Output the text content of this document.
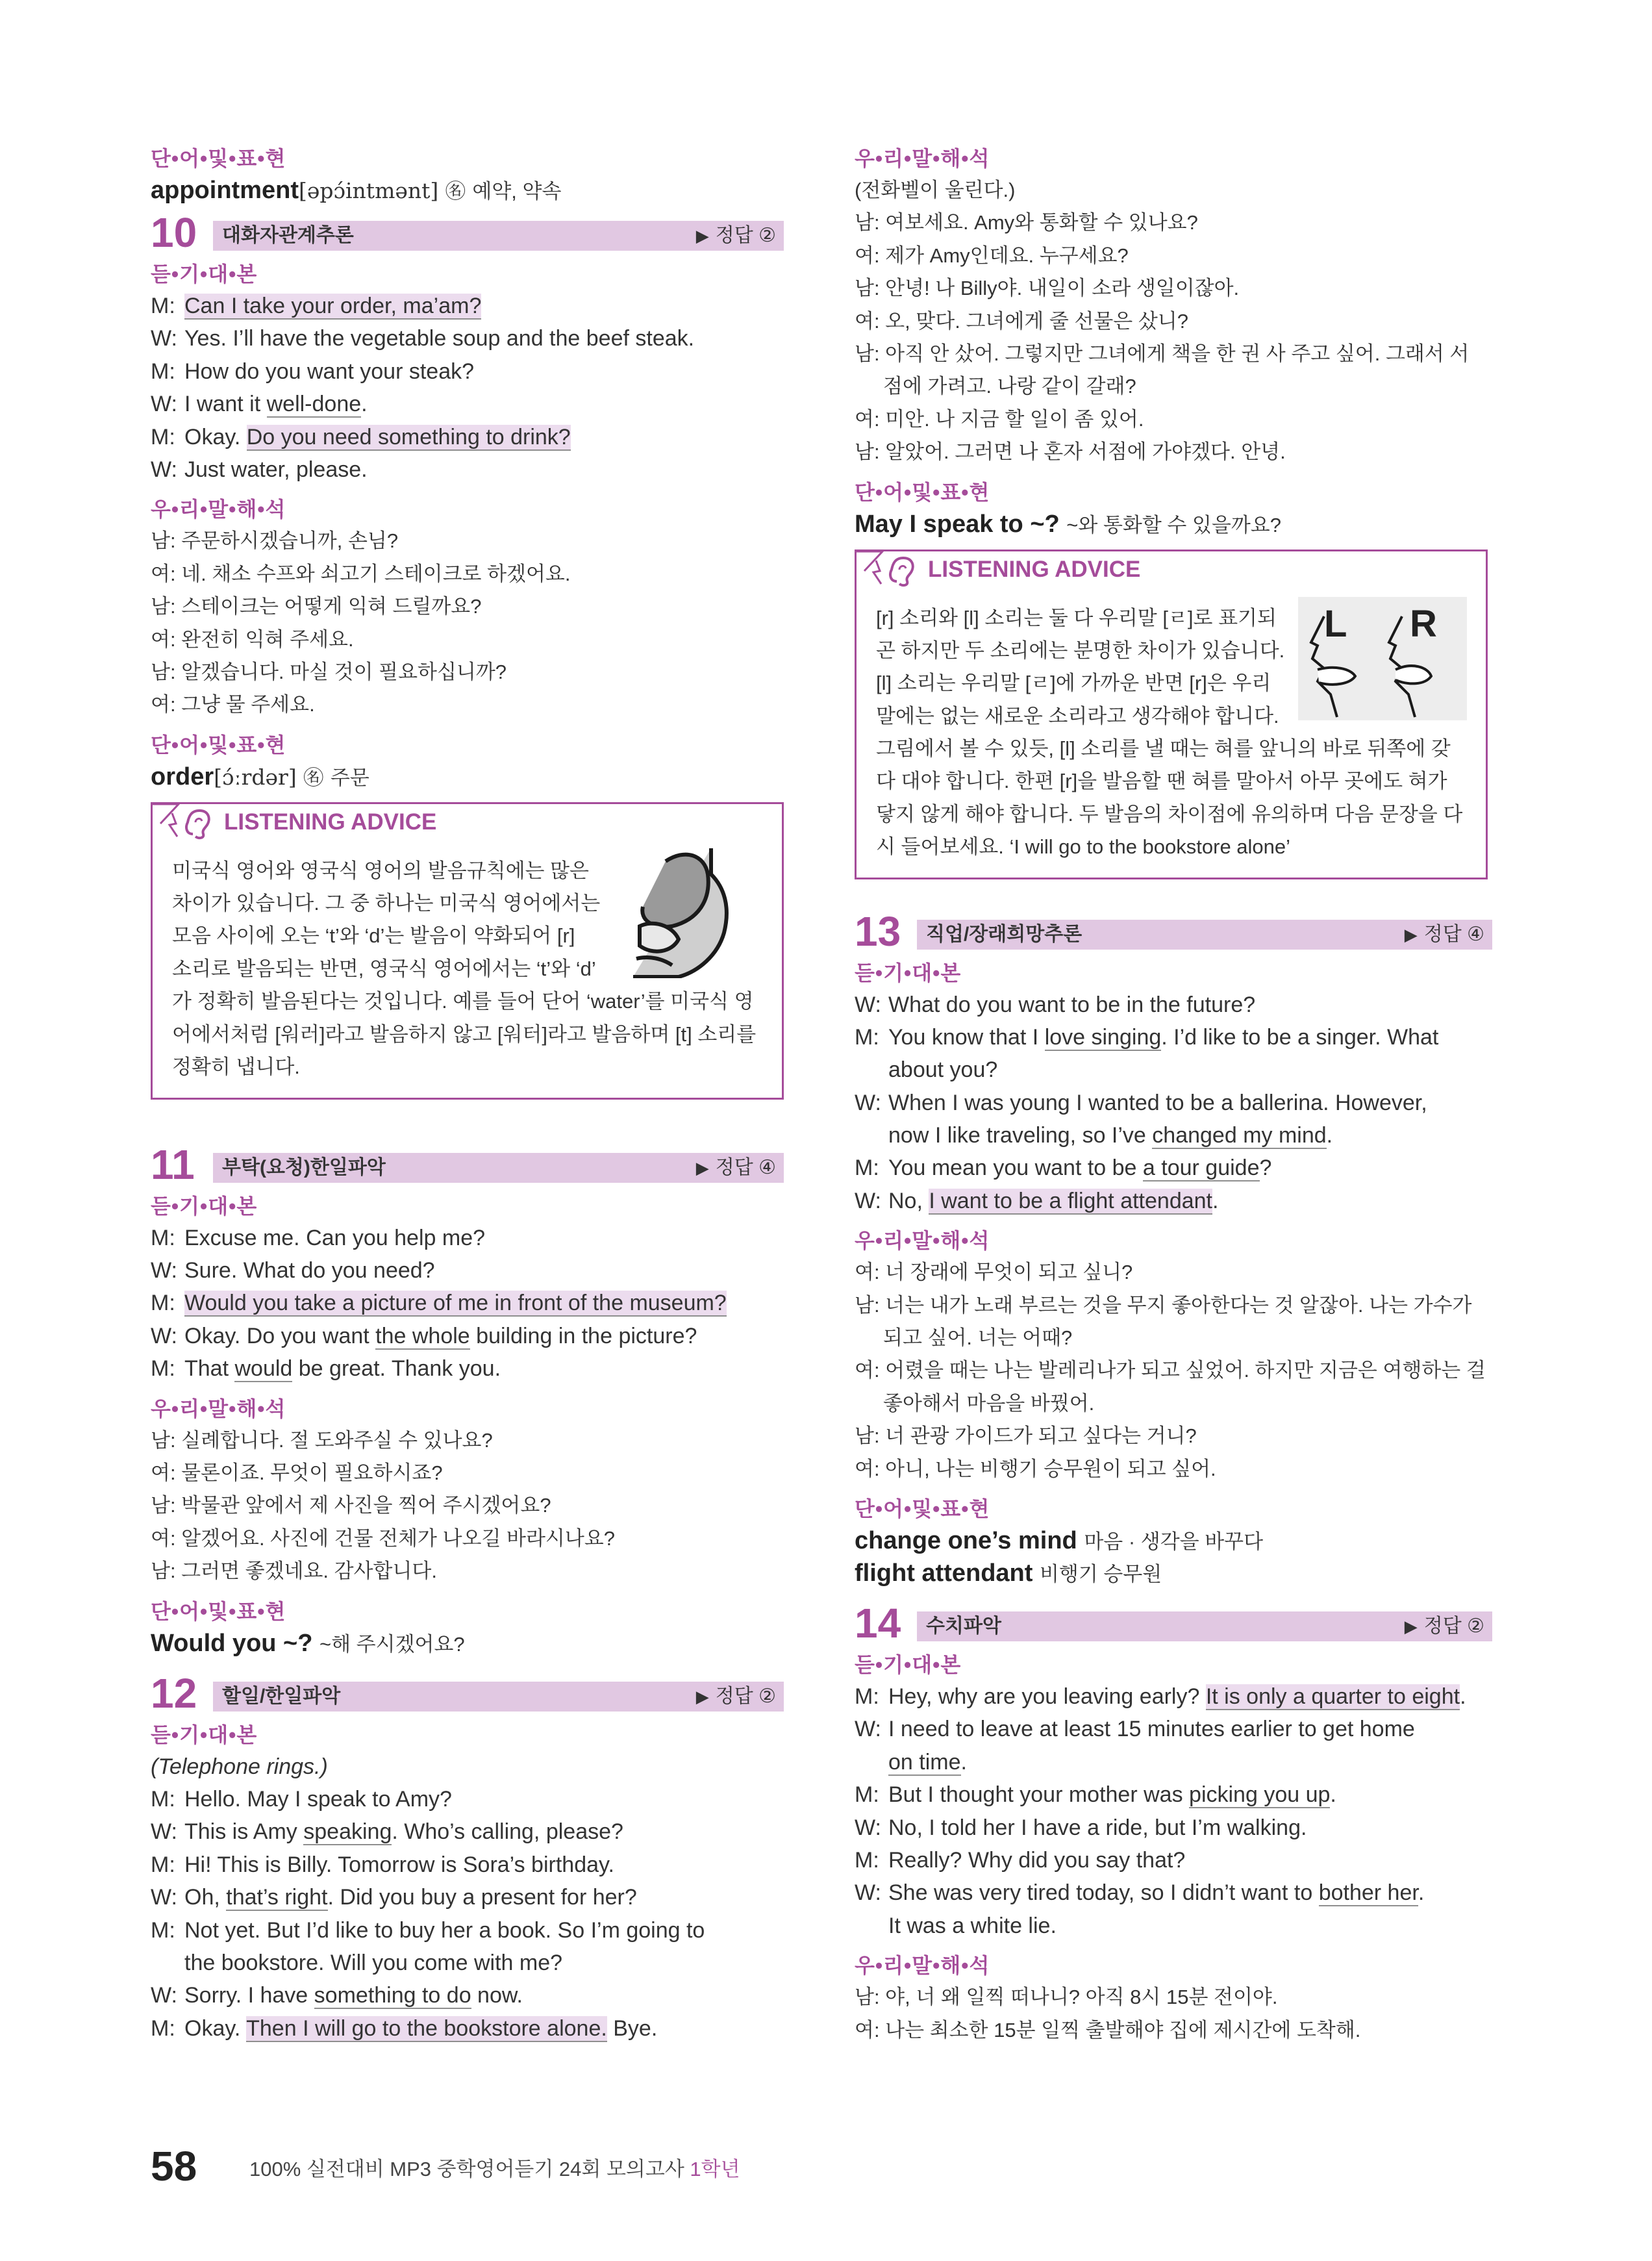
단•어•및•표•현
appointment[əpɔ́intmənt] ㊔ 예약, 약속
10 대화자관계추론	▶ 정답 ②
듣•기•대•본
M: Can I take your order, ma’am?
W: Yes. I’ll have the vegetable soup and the beef steak.
M: How do you want your steak?
W: I want it well-done.
M: Okay. Do you need something to drink?
W: Just water, please.
우•리•말•해•석
남: 주문하시겠습니까, 손님?
여: 네. 채소 수프와 쇠고기 스테이크로 하겠어요.
남: 스테이크는 어떻게 익혀 드릴까요?
여: 완전히 익혀 주세요.
남: 알겠습니다. 마실 것이 필요하십니까?
여: 그냥 물 주세요.
단•어•및•표•현
order[ɔ́ːrdər] ㊔ 주문
LISTENING ADVICE
미국식 영어와 영국식 영어의 발음규칙에는 많은
차이가 있습니다. 그 중 하나는 미국식 영어에서는
모음 사이에 오는 ‘t’와 ‘d’는 발음이 약화되어 [r]
소리로 발음되는 반면, 영국식 영어에서는 ‘t’와 ‘d’
가 정확히 발음된다는 것입니다. 예를 들어 단어 ‘water’를 미국식 영
어에서처럼 [워러]라고 발음하지 않고 [워터]라고 발음하며 [t] 소리를
정확히 냅니다.
11 부탁(요청)한일파악	▶ 정답 ④
듣•기•대•본
M: Excuse me. Can you help me?
W: Sure. What do you need?
M: Would you take a picture of me in front of the museum?
W: Okay. Do you want the whole building in the picture?
M: That would be great. Thank you.
우•리•말•해•석
남: 실례합니다. 절 도와주실 수 있나요?
여: 물론이죠. 무엇이 필요하시죠?
남: 박물관 앞에서 제 사진을 찍어 주시겠어요?
여: 알겠어요. 사진에 건물 전체가 나오길 바라시나요?
남: 그러면 좋겠네요. 감사합니다.
단•어•및•표•현
Would you ~? ~해 주시겠어요?
12 할일/한일파악	▶ 정답 ②
듣•기•대•본
(Telephone rings.)
M: Hello. May I speak to Amy?
W: This is Amy speaking. Who’s calling, please?
M: Hi! This is Billy. Tomorrow is Sora’s birthday.
W: Oh, that’s right. Did you buy a present for her?
M: Not yet. But I’d like to buy her a book. So I’m going to
the bookstore. Will you come with me?
W: Sorry. I have something to do now.
M: Okay. Then I will go to the bookstore alone. Bye.
우•리•말•해•석
(전화벨이 울린다.)
남: 여보세요. Amy와 통화할 수 있나요?
여: 제가 Amy인데요. 누구세요?
남: 안녕! 나 Billy야. 내일이 소라 생일이잖아.
여: 오, 맞다. 그녀에게 줄 선물은 샀니?
남: 아직 안 샀어. 그렇지만 그녀에게 책을 한 권 사 주고 싶어. 그래서 서
점에 가려고. 나랑 같이 갈래?
여: 미안. 나 지금 할 일이 좀 있어.
남: 알았어. 그러면 나 혼자 서점에 가야겠다. 안녕.
단•어•및•표•현
May I speak to ~? ~와 통화할 수 있을까요?
LISTENING ADVICE
L R
[r] 소리와 [l] 소리는 둘 다 우리말 [ㄹ]로 표기되
곤 하지만 두 소리에는 분명한 차이가 있습니다.
[l] 소리는 우리말 [ㄹ]에 가까운 반면 [r]은 우리
말에는 없는 새로운 소리라고 생각해야 합니다.
그림에서 볼 수 있듯, [l] 소리를 낼 때는 혀를 앞니의 바로 뒤쪽에 갖
다 대야 합니다. 한편 [r]을 발음할 땐 혀를 말아서 아무 곳에도 혀가
닿지 않게 해야 합니다. 두 발음의 차이점에 유의하며 다음 문장을 다
시 들어보세요. ‘I will go to the bookstore alone’
13 직업/장래희망추론	▶ 정답 ④
듣•기•대•본
W: What do you want to be in the future?
M: You know that I love singing. I’d like to be a singer. What
about you?
W: When I was young I wanted to be a ballerina. However,
now I like traveling, so I’ve changed my mind.
M: You mean you want to be a tour guide?
W: No, I want to be a flight attendant.
우•리•말•해•석
여: 너 장래에 무엇이 되고 싶니?
남: 너는 내가 노래 부르는 것을 무지 좋아한다는 것 알잖아. 나는 가수가
되고 싶어. 너는 어때?
여: 어렸을 때는 나는 발레리나가 되고 싶었어. 하지만 지금은 여행하는 걸
좋아해서 마음을 바꿨어.
남: 너 관광 가이드가 되고 싶다는 거니?
여: 아니, 나는 비행기 승무원이 되고 싶어.
단•어•및•표•현
change one’s mind 마음 · 생각을 바꾸다
flight attendant 비행기 승무원
14 수치파악	▶ 정답 ②
듣•기•대•본
M: Hey, why are you leaving early? It is only a quarter to eight.
W: I need to leave at least 15 minutes earlier to get home
on time.
M: But I thought your mother was picking you up.
W: No, I told her I have a ride, but I’m walking.
M: Really? Why did you say that?
W: She was very tired today, so I didn’t want to bother her.
It was a white lie.
우•리•말•해•석
남: 야, 너 왜 일찍 떠나니? 아직 8시 15분 전이야.
여: 나는 최소한 15분 일찍 출발해야 집에 제시간에 도착해.
58	100% 실전대비 MP3 중학영어듣기 24회 모의고사 1학년
